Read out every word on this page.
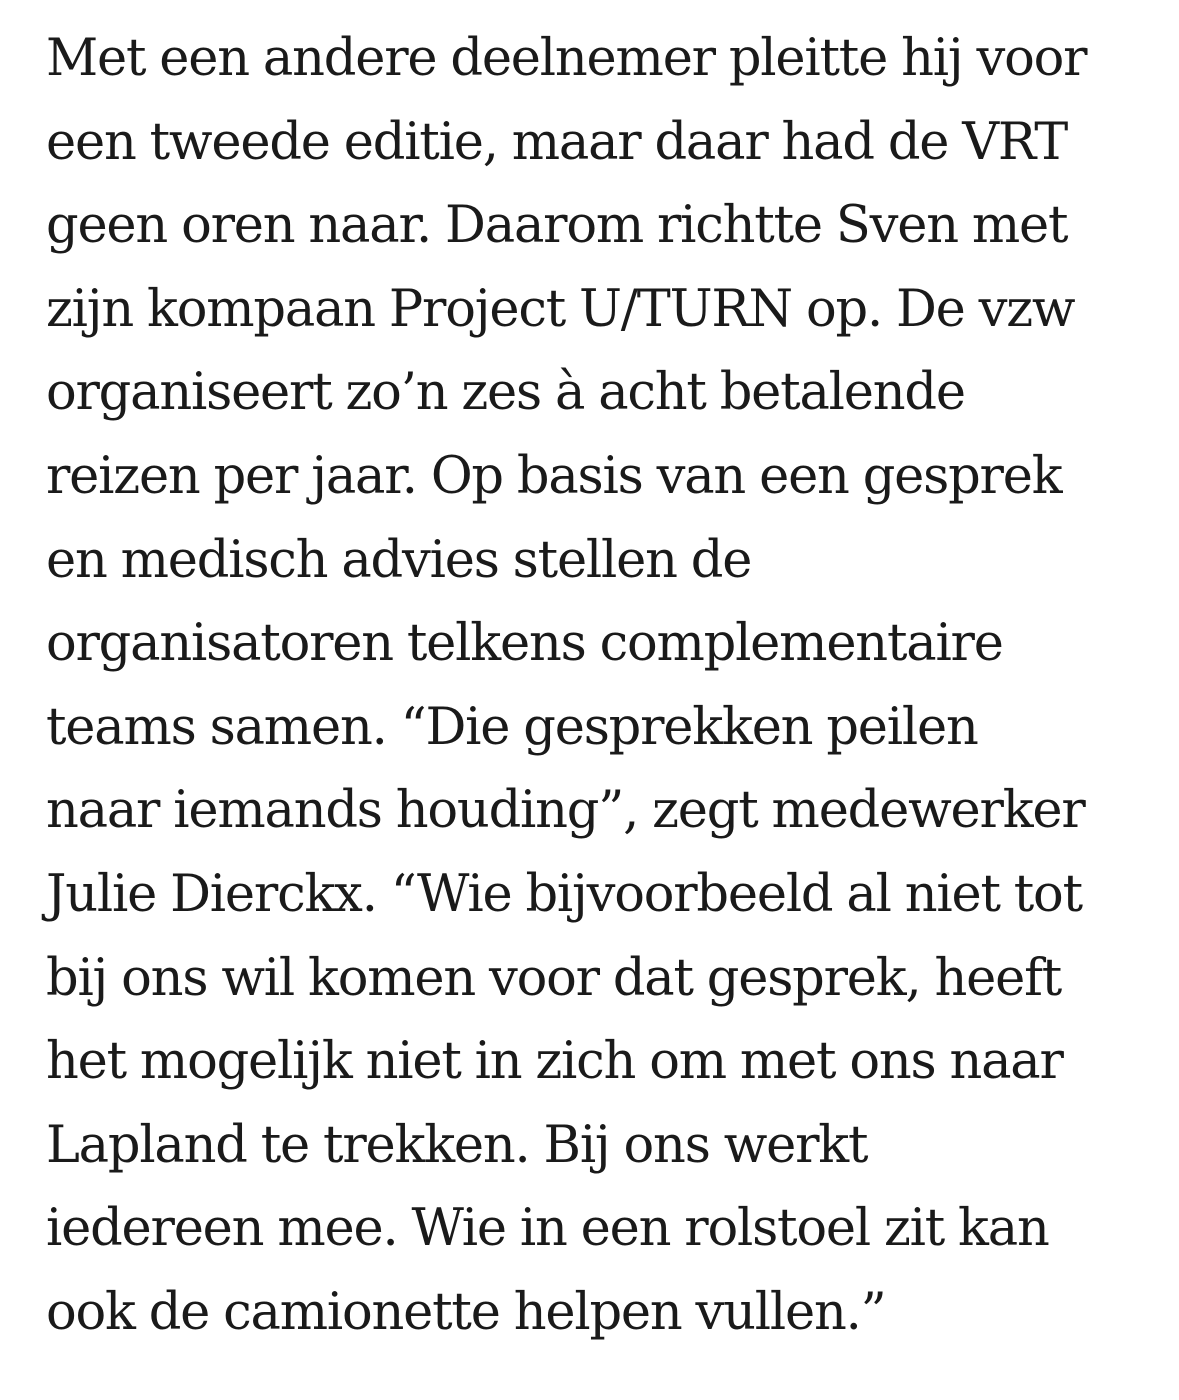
Met een andere deelnemer pleitte hij voor
een tweede editie, maar daar had de VRT
geen oren naar. Daarom richtte Sven met
zijn kompaan Project U/TURN op. De vzw
organiseert zo’n zes à acht betalende
reizen per jaar. Op basis van een gesprek
en medisch advies stellen de
organisatoren telkens complementaire
teams samen. “Die gesprekken peilen
naar iemands houding”, zegt medewerker
Julie Dierckx. “Wie bijvoorbeeld al niet tot
bij ons wil komen voor dat gesprek, heeft
het mogelijk niet in zich om met ons naar
Lapland te trekken. Bij ons werkt
iedereen mee. Wie in een rolstoel zit kan
ook de camionette helpen vullen.”
